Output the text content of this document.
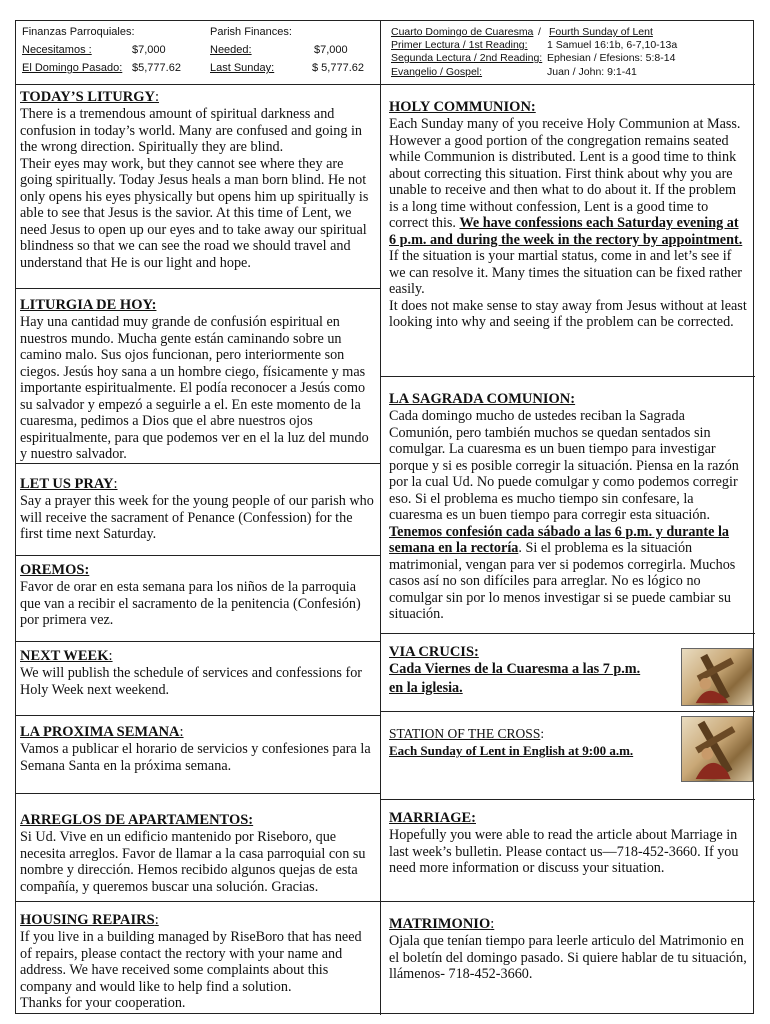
Finanzas Parroquiales:
Necesitamos :	$7,000
El Domingo Pasado: $5,777.62
Parish Finances:
Needed:	$7,000
Last Sunday:	$ 5,777.62
Cuarto Domingo de Cuaresma / Fourth Sunday of Lent
Primer Lectura / 1st Reading: 1 Samuel 16:1b, 6-7,10-13a
Segunda Lectura / 2nd Reading: Ephesian / Efesions: 5:8-14
Evangelio / Gospel:	Juan / John: 9:1-41
TODAY’S LITURGY:
There is a tremendous amount of spiritual darkness and confusion in today’s world. Many are confused and going in the wrong direction. Spiritually they are blind.
Their eyes may work, but they cannot see where they are going spiritually. Today Jesus heals a man born blind. He not only opens his eyes physically but opens him up spiritually is able to see that Jesus is the savior. At this time of Lent, we need Jesus to open up our eyes and to take away our spiritual blindness so that we can see the road we should travel and understand that He is our light and hope.
LITURGIA DE HOY:
Hay una cantidad muy grande de confusión espiritual en nuestros mundo. Mucha gente están caminando sobre un camino malo. Sus ojos funcionan, pero interiormente son ciegos. Jesús hoy sana a un hombre ciego, físicamente y mas importante espiritualmente. El podía reconocer a Jesús como su salvador y empezó a seguirle a el. En este momento de la cuaresma, pedimos a Dios que el abre nuestros ojos espiritualmente, para que podemos ver en el la luz del mundo y nuestro salvador.
LET US PRAY:
Say a prayer this week for the young people of our parish who will receive the sacrament of Penance (Confession) for the first time next Saturday.
OREMOS:
Favor de orar en esta semana para los niños de la parroquia que van a recibir el sacramento de la penitencia (Confesión) por primera vez.
NEXT WEEK:
We will publish the schedule of services and confessions for Holy Week next weekend.
LA PROXIMA SEMANA:
Vamos a publicar el horario de servicios y confesiones para la Semana Santa en la próxima semana.
ARREGLOS DE APARTAMENTOS:
Si Ud. Vive en un edificio mantenido por Riseboro, que necesita arreglos. Favor de llamar a la casa parroquial con su nombre y dirección. Hemos recibido algunos quejas de esta compañía, y queremos buscar una solución. Gracias.
HOUSING REPAIRS:
If you live in a building managed by RiseBoro that has need of repairs, please contact the rectory with your name and address. We have received some complaints about this company and would like to help find a solution.
Thanks for your cooperation.
HOLY COMMUNION:
Each Sunday many of you receive Holy Communion at Mass. However a good portion of the congregation remains seated while Communion is distributed. Lent is a good time to think about correcting this situation. First think about why you are unable to receive and then what to do about it. If the problem is a long time without confession, Lent is a good time to correct this. We have confessions each Saturday evening at 6 p.m. and during the week in the rectory by appointment. If the situation is your martial status, come in and let’s see if we can resolve it. Many times the situation can be fixed rather easily.
It does not make sense to stay away from Jesus without at least looking into why and seeing if the problem can be corrected.
LA SAGRADA COMUNION:
Cada domingo mucho de ustedes reciban la Sagrada Comunión, pero también muchos se quedan sentados sin comulgar. La cuaresma es un buen tiempo para investigar porque y si es posible corregir la situación. Piensa en la razón por la cual Ud. No puede comulgar y como podemos corregir eso. Si el problema es mucho tiempo sin confesare, la cuaresma es un buen tiempo para corregir esta situación. Tenemos confesión cada sábado a las 6 p.m. y durante la semana en la rectoría. Si el problema es la situación matrimonial, vengan para ver si podemos corregirla. Muchos casos así no son difíciles para arreglar. No es lógico no comulgar sin por lo menos investigar si se puede cambiar su situación.
VIA CRUCIS:
Cada Viernes de la Cuaresma a las 7 p.m.
en la iglesia.
STATION OF THE CROSS:
Each Sunday of Lent in English at 9:00 a.m.
MARRIAGE:
Hopefully you were able to read the article about Marriage in last week’s bulletin. Please contact us—718-452-3660. If you need more information or discuss your situation.
MATRIMONIO:
Ojala que tenían tiempo para leerle articulo del Matrimonio en el boletín del domingo pasado. Si quiere hablar de tu situación, llámenos- 718-452-3660.
